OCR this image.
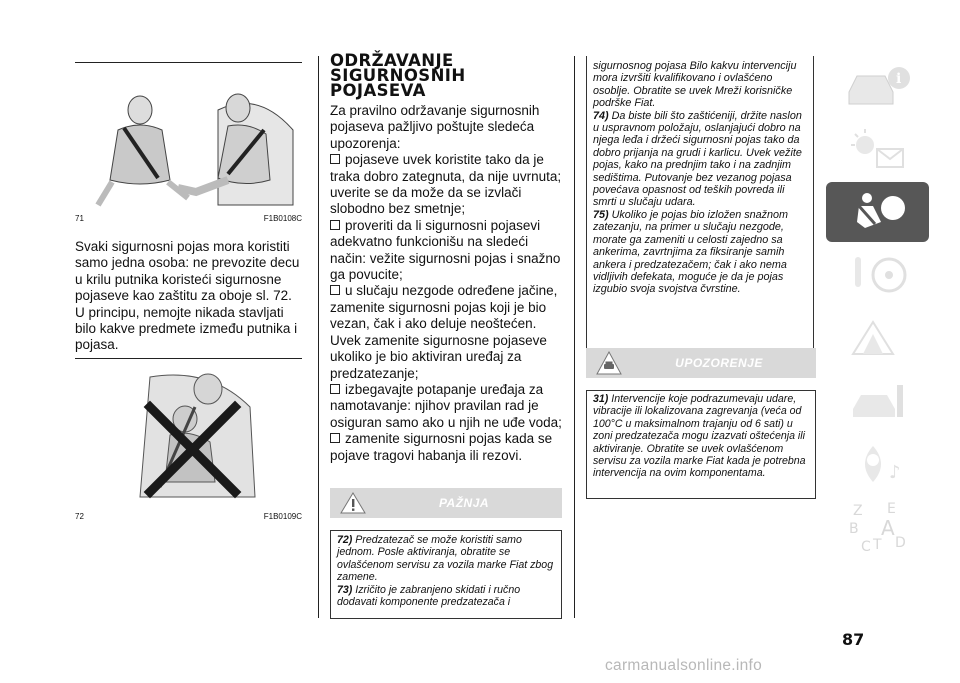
71	F1B0108C
Svaki sigurnosni pojas mora koristiti samo jedna osoba: ne prevozite decu u krilu putnika koristeći sigurnosne pojaseve kao zaštitu za oboje sl. 72. U principu, nemojte nikada stavljati bilo kakve predmete između putnika i pojasa.
72	F1B0109C
ODRŽAVANJE
SIGURNOSNIH
POJASEVA

Za pravilno održavanje sigurnosnih pojaseva pažljivo poštujte sledeća upozorenja:

pojaseve uvek koristite tako da je traka dobro zategnuta, da nije uvrnuta; uverite se da može da se izvlači slobodno bez smetnje;

proveriti da li sigurnosni pojasevi adekvatno funkcionišu na sledeći način: vežite sigurnosni pojas i snažno ga povucite;

u slučaju nezgode određene jačine, zamenite sigurnosni pojas koji je bio vezan, čak i ako deluje neoštećen. Uvek zamenite sigurnosne pojaseve ukoliko je bio aktiviran uređaj za predzatezanje;

izbegavajte potapanje uređaja za namotavanje: njihov pravilan rad je osiguran samo ako u njih ne uđe voda;

zamenite sigurnosni pojas kada se pojave tragovi habanja ili rezovi.

PAŽNJA
72) Predzatezač se može koristiti samo jednom. Posle aktiviranja, obratite se ovlašćenom servisu za vozila marke Fiat zbog zamene.
73) Izričito je zabranjeno skidati i ručno dodavati komponente predzatezača i
sigurnosnog pojasa Bilo kakvu intervenciju mora izvršiti kvalifikovano i ovlašćeno osoblje. Obratite se uvek Mreži korisničke podrške Fiat.
74) Da biste bili što zaštićeniji, držite naslon u uspravnom položaju, oslanjajući dobro na njega leđa i držeći sigurnosni pojas tako da dobro prijanja na grudi i karlicu. Uvek vežite pojas, kako na prednjim tako i na zadnjim sedištima. Putovanje bez vezanog pojasa povećava opasnost od teških povreda ili smrti u slučaju udara.
75) Ukoliko je pojas bio izložen snažnom zatezanju, na primer u slučaju nezgode, morate ga zameniti u celosti zajedno sa ankerima, zavrtnjima za fiksiranje samih ankera i predzatezačem; čak i ako nema vidljivih defekata, moguće je da je pojas izgubio svoja svojstva čvrstine.
UPOZORENJE
31) Intervencije koje podrazumevaju udare, vibracije ili lokalizovana zagrevanja (veća od 100°C u maksimalnom trajanju od 6 sati) u zoni predzatezača mogu izazvati oštećenja ili aktiviranje. Obratite se uvek ovlašćenom servisu za vozila marke Fiat kada je potrebna intervencija na ovim komponentama.
i
♪
Z E
B A
C T D
87
carmanualsonline.info
